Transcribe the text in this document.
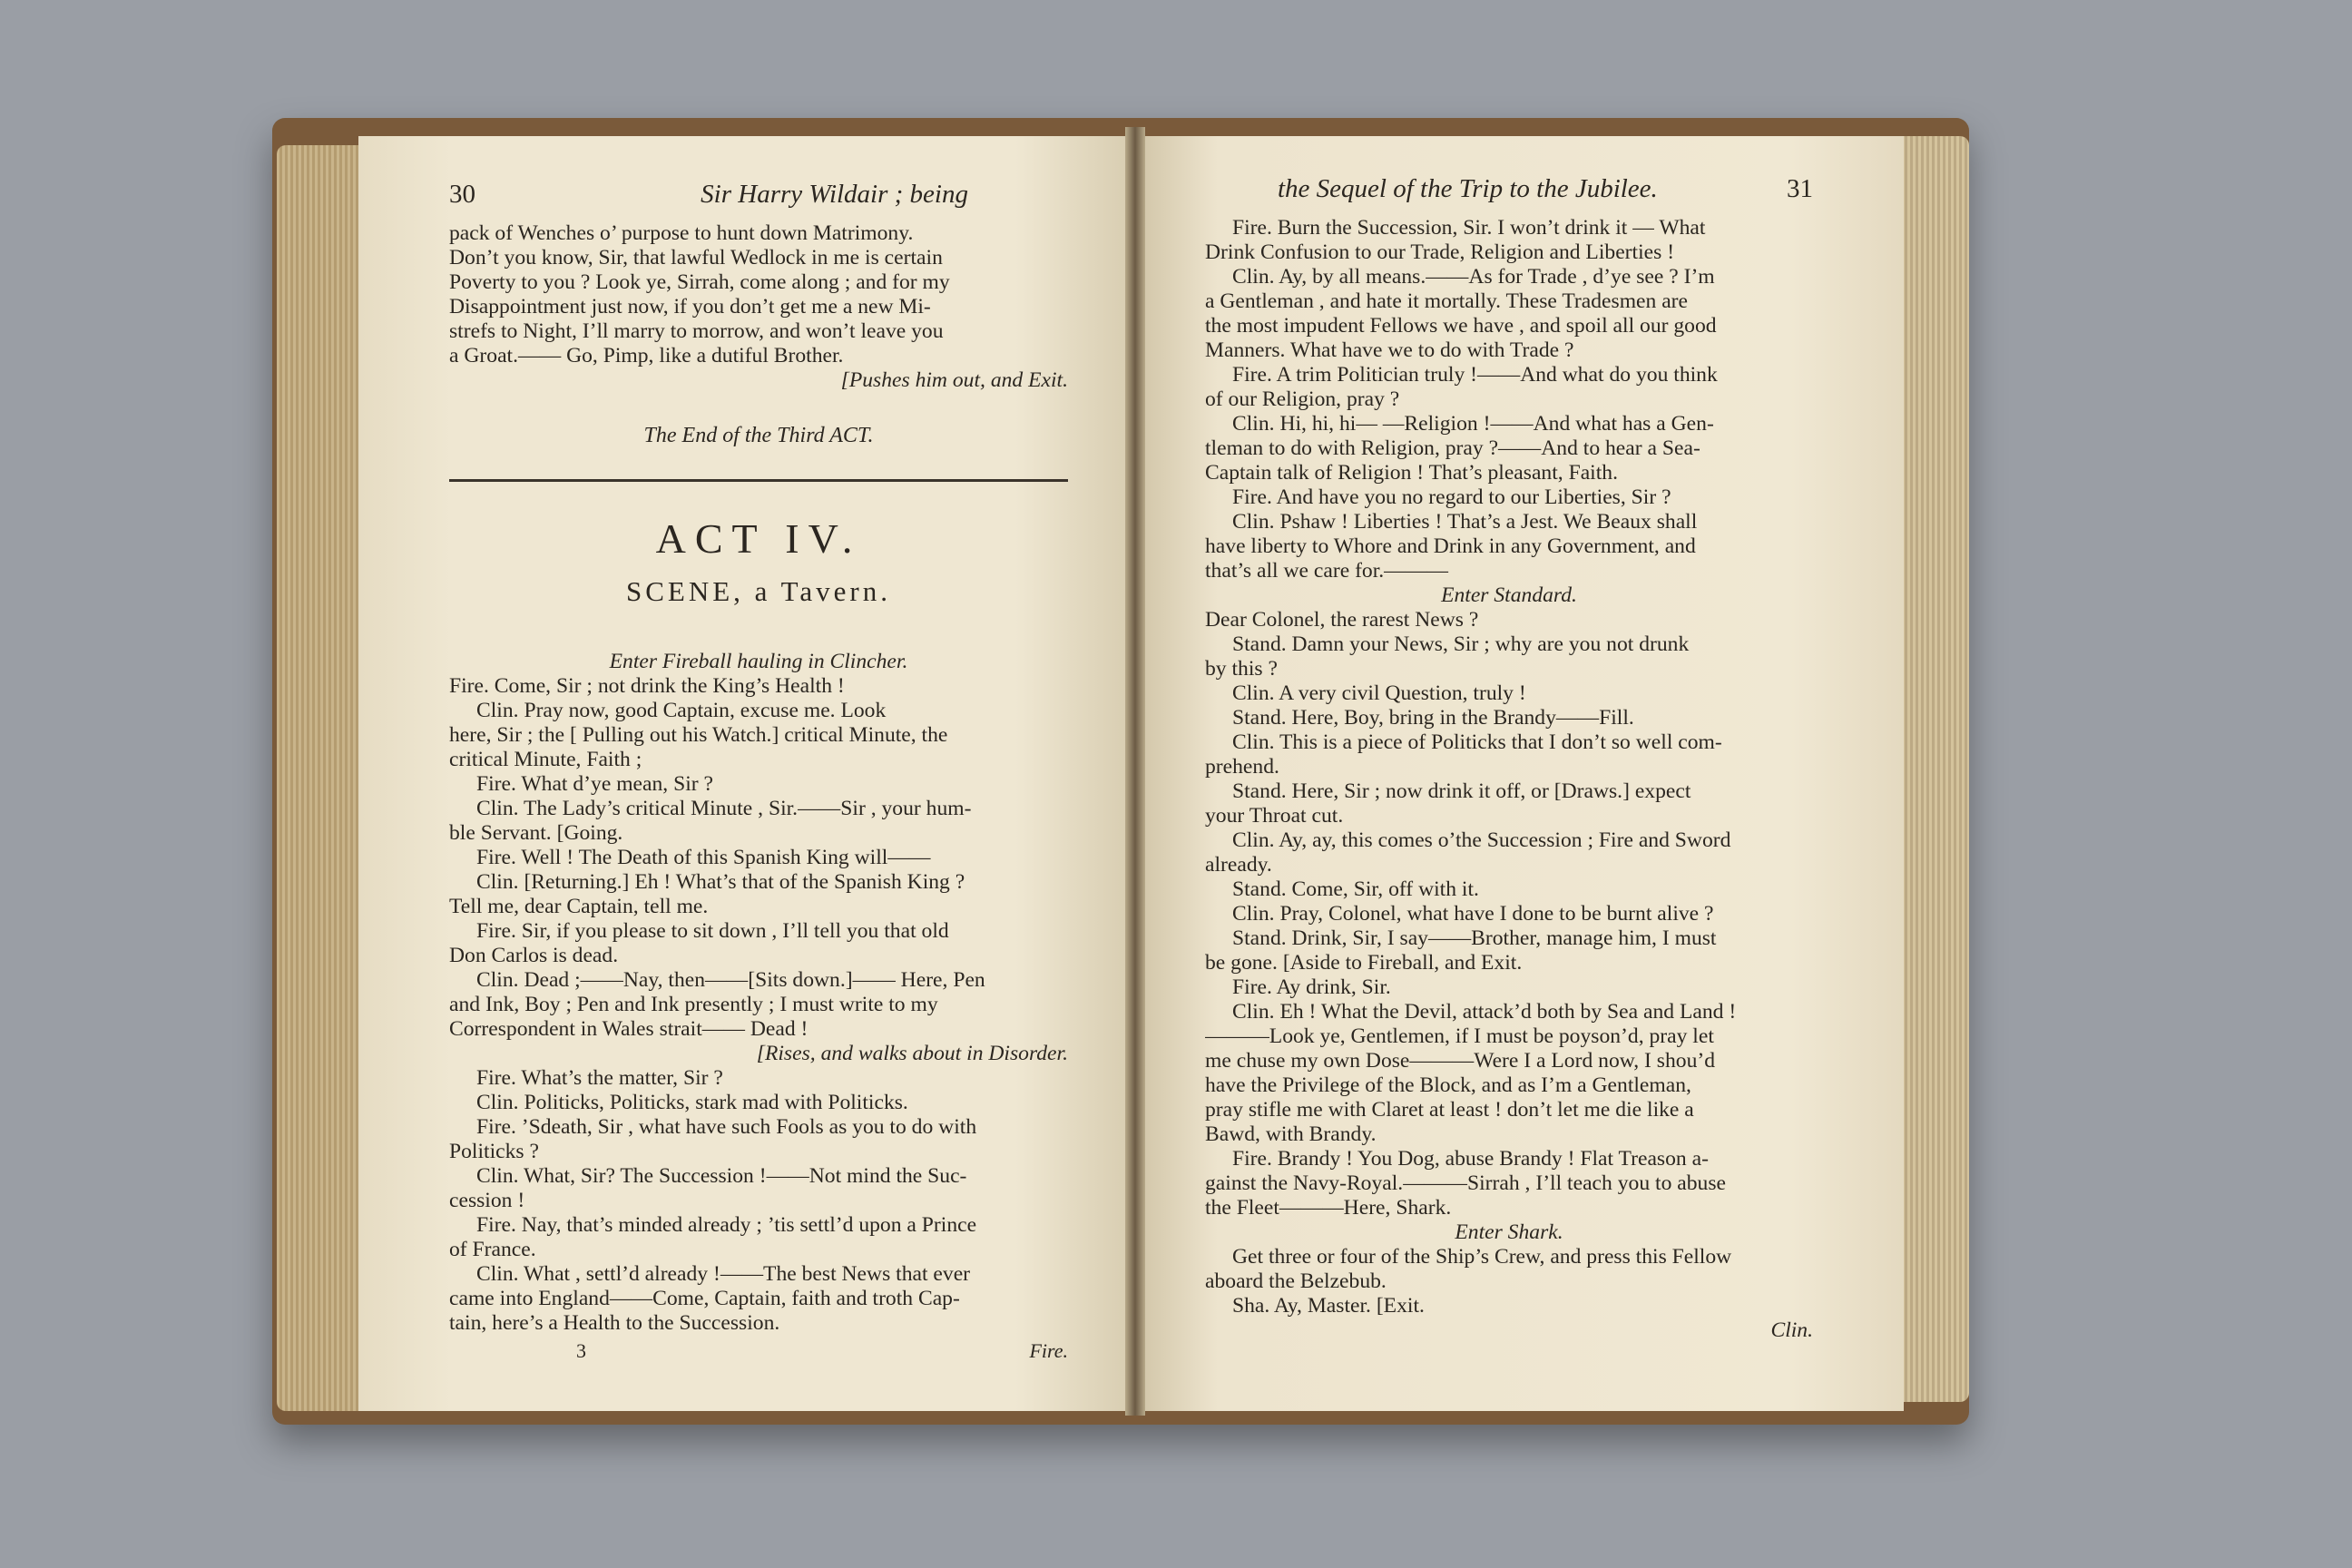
30	Sir Harry Wildair ; being
pack of Wenches o’ purpose to hunt down Matrimony.
Don’t you know, Sir, that lawful Wedlock in me is certain
Poverty to you ? Look ye, Sirrah, come along ; and for my
Disappointment just now, if you don’t get me a new Mi-
strefs to Night, I’ll marry to morrow, and won’t leave you
a Groat.—— Go, Pimp, like a dutiful Brother.
[Pushes him out, and Exit.
The End of the Third ACT.
ACT IV.
SCENE, a Tavern.
Enter Fireball hauling in Clincher.
Fire. Come, Sir ; not drink the King’s Health !
Clin. Pray now, good Captain, excuse me. Look
here, Sir ; the [ Pulling out his Watch.] critical Minute, the
critical Minute, Faith ;
Fire. What d’ye mean, Sir ?
Clin. The Lady’s critical Minute , Sir.——Sir , your hum-
ble Servant. [Going.
Fire. Well ! The Death of this Spanish King will——
Clin. [Returning.] Eh ! What’s that of the Spanish King ?
Tell me, dear Captain, tell me.
Fire. Sir, if you please to sit down , I’ll tell you that old
Don Carlos is dead.
Clin. Dead ;——Nay, then——[Sits down.]—— Here, Pen
and Ink, Boy ; Pen and Ink presently ; I must write to my
Correspondent in Wales strait—— Dead !
[Rises, and walks about in Disorder.
Fire. What’s the matter, Sir ?
Clin. Politicks, Politicks, stark mad with Politicks.
Fire. ’Sdeath, Sir , what have such Fools as you to do with
Politicks ?
Clin. What, Sir? The Succession !——Not mind the Suc-
cession !
Fire. Nay, that’s minded already ; ’tis settl’d upon a Prince
of France.
Clin. What , settl’d already !——The best News that ever
came into England——Come, Captain, faith and troth Cap-
tain, here’s a Health to the Succession.
3	Fire.
the Sequel of the Trip to the Jubilee.	31
Fire. Burn the Succession, Sir. I won’t drink it — What
Drink Confusion to our Trade, Religion and Liberties !
Clin. Ay, by all means.——As for Trade , d’ye see ? I’m
a Gentleman , and hate it mortally. These Tradesmen are
the most impudent Fellows we have , and spoil all our good
Manners. What have we to do with Trade ?
Fire. A trim Politician truly !——And what do you think
of our Religion, pray ?
Clin. Hi, hi, hi— —Religion !——And what has a Gen-
tleman to do with Religion, pray ?——And to hear a Sea-
Captain talk of Religion ! That’s pleasant, Faith.
Fire. And have you no regard to our Liberties, Sir ?
Clin. Pshaw ! Liberties ! That’s a Jest. We Beaux shall
have liberty to Whore and Drink in any Government, and
that’s all we care for.———
Enter Standard.
Dear Colonel, the rarest News ?
Stand. Damn your News, Sir ; why are you not drunk
by this ?
Clin. A very civil Question, truly !
Stand. Here, Boy, bring in the Brandy——Fill.
Clin. This is a piece of Politicks that I don’t so well com-
prehend.
Stand. Here, Sir ; now drink it off, or [Draws.] expect
your Throat cut.
Clin. Ay, ay, this comes o’the Succession ; Fire and Sword
already.
Stand. Come, Sir, off with it.
Clin. Pray, Colonel, what have I done to be burnt alive ?
Stand. Drink, Sir, I say——Brother, manage him, I must
be gone. [Aside to Fireball, and Exit.
Fire. Ay drink, Sir.
Clin. Eh ! What the Devil, attack’d both by Sea and Land !
———Look ye, Gentlemen, if I must be poyson’d, pray let
me chuse my own Dose———Were I a Lord now, I shou’d
have the Privilege of the Block, and as I’m a Gentleman,
pray stifle me with Claret at least ! don’t let me die like a
Bawd, with Brandy.
Fire. Brandy ! You Dog, abuse Brandy ! Flat Treason a-
gainst the Navy-Royal.———Sirrah , I’ll teach you to abuse
the Fleet———Here, Shark.
Enter Shark.
Get three or four of the Ship’s Crew, and press this Fellow
aboard the Belzebub.
Sha. Ay, Master. [Exit.
Clin.
